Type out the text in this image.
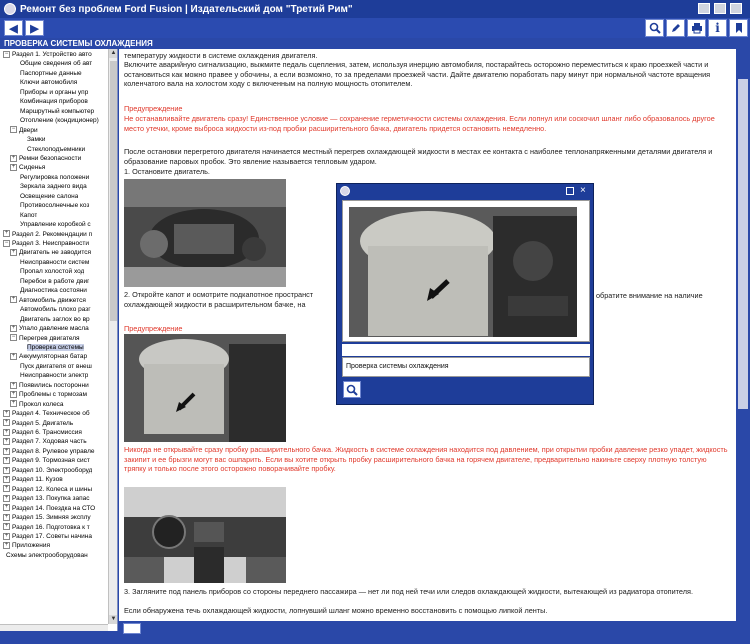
Ремонт без проблем Ford Fusion | Издательский дом "Третий Рим"
◀ ▶	i
ПРОВЕРКА СИСТЕМЫ ОХЛАЖДЕНИЯ
− Раздел 1. Устройство авто
Общие сведения об авт
Паспортные данные
Ключи автомобиля
Приборы и органы упр
Комбинация приборов
Маршрутный компьютер
Отопление (кондиционер)
− Двери
Замки
Стеклоподъемники
+ Ремни безопасности
+ Сиденья
Регулировка положени
Зеркала заднего вида
Освещение салона
Противосолнечные коз
Капот
Управление коробкой с
+ Раздел 2. Рекомендации п
− Раздел 3. Неисправности
+ Двигатель не заводится
Неисправности систем
Пропал холостой ход
Перебои в работе двиг
Диагностика состояни
+ Автомобиль движется
Автомобиль плохо разг
Двигатель заглох во вр
+ Упало давление масла
− Перегрев двигателя
Проверка системы
+ Аккумуляторная батар
Пуск двигателя от внеш
Неисправности электр
+ Появились посторонни
+ Проблемы с тормозам
+ Прокол колеса
+ Раздел 4. Техническое об
+ Раздел 5. Двигатель
+ Раздел 6. Трансмиссия
+ Раздел 7. Ходовая часть
+ Раздел 8. Рулевое управле
+ Раздел 9. Тормозная сист
+ Раздел 10. Электрооборуд
+ Раздел 11. Кузов
+ Раздел 12. Колеса и шины
+ Раздел 13. Покупка запас
+ Раздел 14. Поездка на СТО
+ Раздел 15. Зимняя эксплу
+ Раздел 16. Подготовка к т
+ Раздел 17. Советы начина
+ Приложения
Схемы электрооборудован
▲
▼
температуру жидкости в системе охлаждения двигателя.
Включите аварийную сигнализацию, выжмите педаль сцепления, затем, используя инерцию автомобиля, постарайтесь осторожно переместиться к краю проезжей части и остановиться как можно правее у обочины, а если возможно, то за пределами проезжей части. Дайте двигателю поработать пару минут при нормальной частоте вращения коленчатого вала на холостом ходу с включенным на полную мощность отопителем.
Предупреждение
Не останавливайте двигатель сразу! Единственное условие — сохранение герметичности системы охлаждения. Если лопнул или соскочил шланг либо образовалось другое место утечки, кроме выброса жидкости из-под пробки расширительного бачка, двигатель придется остановить немедленно.
После остановки перегретого двигателя начинается местный перегрев охлаждающей жидкости в местах ее контакта с наиболее теплонапряженными деталями двигателя и образование паровых пробок. Это явление называется тепловым ударом.
1. Остановите двигатель.
2. Откройте капот и осмотрите подкапотное пространст
охлаждающей жидкости в расширительном бачке, на
обратите внимание на наличие
Предупреждение
Никогда не открывайте сразу пробку расширительного бачка. Жидкость в системе охлаждения находится под давлением, при открытии пробки давление резко упадет, жидкость закипит и ее брызги могут вас ошпарить. Если вы хотите открыть пробку расширительного бачка на горячем двигателе, предварительно накиньте сверху плотную толстую тряпку и только после этого осторожно поворачивайте пробку.
3. Загляните под панель приборов со стороны переднего пассажира — нет ли под ней течи или следов охлаждающей жидкости, вытекающей из радиатора отопителя.
Если обнаружена течь охлаждающей жидкости, лопнувший шланг можно временно восстановить с помощью липкой ленты.
×
Проверка системы охлаждения
